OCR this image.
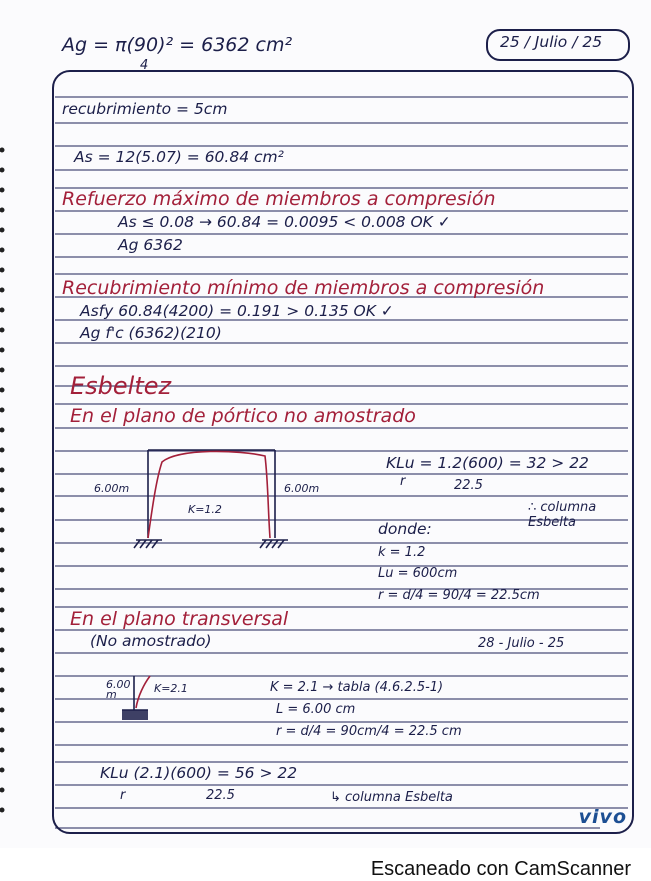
Ag = π(90)² = 6362 cm²
4
25 / Julio / 25
recubrimiento = 5cm
As = 12(5.07) = 60.84 cm²
Refuerzo máximo de miembros a compresión
As ≤ 0.08 → 60.84 = 0.0095 < 0.008 OK ✓
Ag 6362
Recubrimiento mínimo de miembros a compresión
Asfy 60.84(4200) = 0.191 > 0.135 OK ✓
Ag f'c (6362)(210)
Esbeltez
En el plano de pórtico no amostrado
6.00m	6.00m
K=1.2
KLu = 1.2(600) = 32 > 22
r	22.5
∴ columna Esbelta
donde:
k = 1.2
Lu = 600cm
r = d/4 = 90/4 = 22.5cm
En el plano transversal
(No amostrado)	28 - Julio - 25
6.00
m	K=2.1	K = 2.1 → tabla (4.6.2.5-1)
L = 6.00 cm
r = d/4 = 90cm/4 = 22.5 cm
KLu (2.1)(600) = 56 > 22
r	22.5	↳ columna Esbelta
vivo
Escaneado con CamScanner
